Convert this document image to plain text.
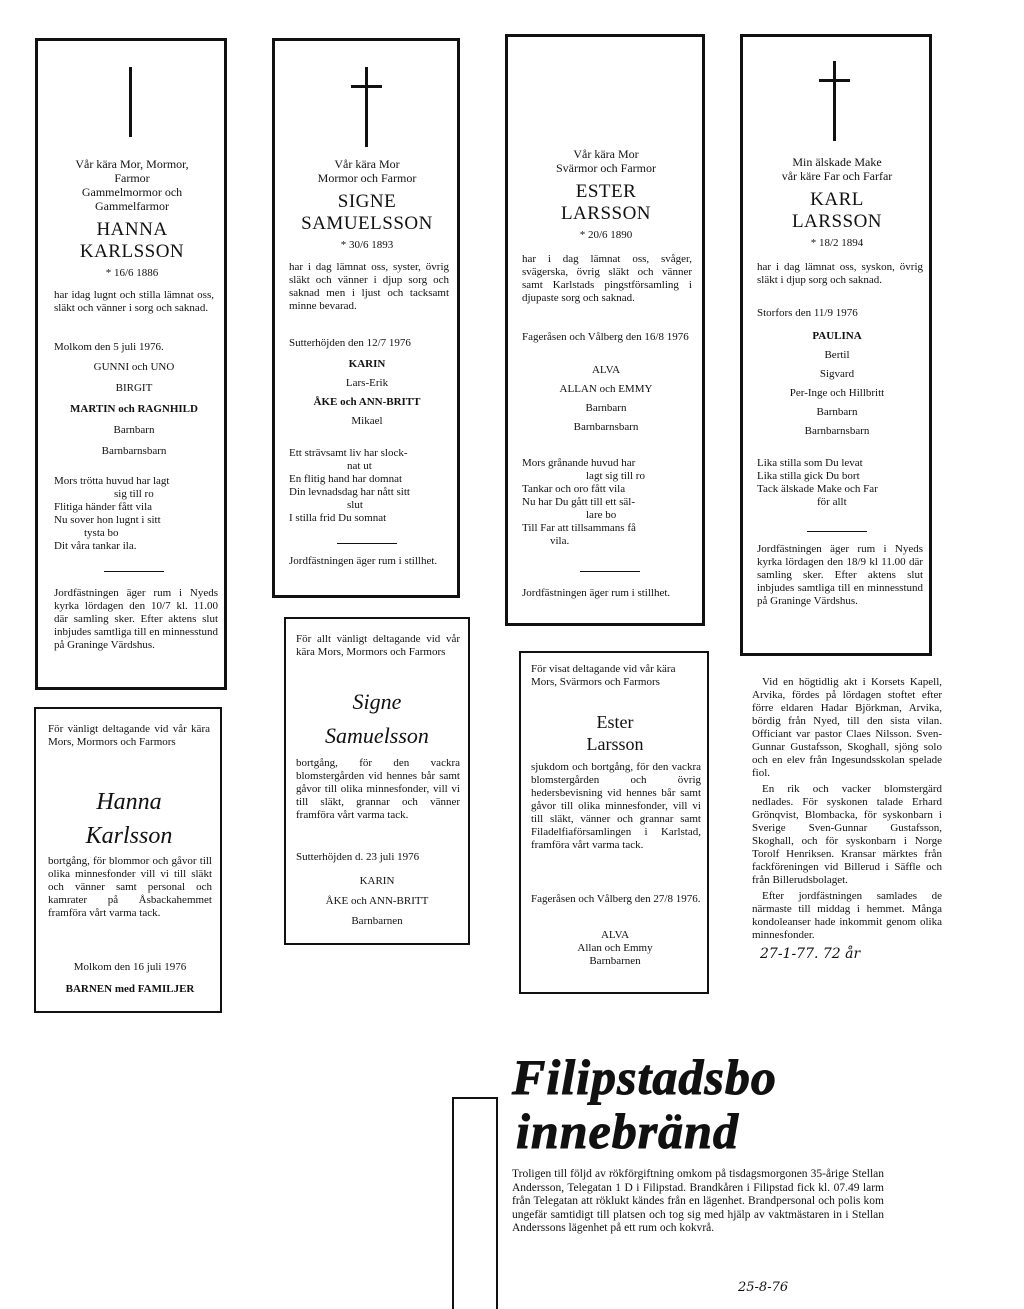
Vår kära Mor, Mormor,
Farmor
Gammelmormor och
Gammelfarmor
HANNA
KARLSSON
* 16/6 1886
har idag lugnt och stilla lämnat oss, släkt och vänner i sorg och saknad.
Molkom den 5 juli 1976.
GUNNI och UNO
BIRGIT
MARTIN och RAGNHILD
Barnbarn
Barnbarnsbarn
Mors trötta huvud har lagt
sig till ro
Flitiga händer fått vila
Nu sover hon lugnt i sitt
tysta bo
Dit våra tankar ila.
Jordfästningen äger rum i Nyeds kyrka lördagen den 10/7 kl. 11.00 där samling sker. Efter aktens slut inbjudes samtliga till en minnesstund på Graninge Värdshus.
För vänligt deltagande vid vår kära Mors, Mormors och Farmors
Hanna
Karlsson
bortgång, för blommor och gåvor till olika minnesfonder vill vi till släkt och vänner samt personal och kamrater på Åsbackahemmet framföra vårt varma tack.
Molkom den 16 juli 1976
BARNEN med FAMILJER
Vår kära Mor
Mormor och Farmor
SIGNE
SAMUELSSON
* 30/6 1893
har i dag lämnat oss, syster, övrig släkt och vänner i djup sorg och saknad men i ljust och tacksamt minne bevarad.
Sutterhöjden den 12/7 1976
KARIN
Lars-Erik
ÅKE och ANN-BRITT
Mikael
Ett strävsamt liv har slock-
nat ut
En flitig hand har domnat
Din levnadsdag har nått sitt
slut
I stilla frid Du somnat
Jordfästningen äger rum i stillhet.
För allt vänligt deltagande vid vår kära Mors, Mormors och Farmors
Signe
Samuelsson
bortgång, för den vackra blomstergården vid hennes bår samt gåvor till olika minnesfonder, vill vi till släkt, grannar och vänner framföra vårt varma tack.
Sutterhöjden d. 23 juli 1976
KARIN
ÅKE och ANN-BRITT
Barnbarnen
Vår kära Mor
Svärmor och Farmor
ESTER
LARSSON
* 20/6 1890
har i dag lämnat oss, svåger, svägerska, övrig släkt och vänner samt Karlstads pingstförsamling i djupaste sorg och saknad.
Fageråsen och Vålberg den 16/8 1976
ALVA
ALLAN och EMMY
Barnbarn
Barnbarnsbarn
Mors grånande huvud har
lagt sig till ro
Tankar och oro fått vila
Nu har Du gått till ett säl-
lare bo
Till Far att tillsammans få
vila.
Jordfästningen äger rum i stillhet.
För visat deltagande vid vår kära Mors, Svärmors och Farmors
Ester
Larsson
sjukdom och bortgång, för den vackra blomstergården och övrig hedersbevisning vid hennes bår samt gåvor till olika minnesfonder, vill vi till släkt, vänner och grannar samt Filadelfiaförsamlingen i Karlstad, framföra vårt varma tack.
Fageråsen och Vålberg den 27/8 1976.
ALVA
Allan och Emmy
Barnbarnen
Min älskade Make
vår käre Far och Farfar
KARL
LARSSON
* 18/2 1894
har i dag lämnat oss, syskon, övrig släkt i djup sorg och saknad.
Storfors den 11/9 1976
PAULINA
Bertil
Sigvard
Per-Inge och Hillbritt
Barnbarn
Barnbarnsbarn
Lika stilla som Du levat
Lika stilla gick Du bort
Tack älskade Make och Far
för allt
Jordfästningen äger rum i Nyeds kyrka lördagen den 18/9 kl 11.00 där samling sker. Efter aktens slut inbjudes samtliga till en minnesstund på Graninge Värdshus.

Vid en högtidlig akt i Korsets Kapell, Arvika, fördes på lördagen stoftet efter förre eldaren Hadar Björkman, Arvika, bördig från Nyed, till den sista vilan. Officiant var pastor Claes Nilsson. Sven-Gunnar Gustafsson, Skoghall, sjöng solo och en elev från Ingesundsskolan spelade fiol.

En rik och vacker blomstergärd nedlades. För syskonen talade Erhard Grönqvist, Blombacka, för syskonbarn i Sverige Sven-Gunnar Gustafsson, Skoghall, och för syskonbarn i Norge Torolf Henriksen. Kransar märktes från fackföreningen vid Billerud i Säffle och från Billerudsbolaget.

Efter jordfästningen samlades de närmaste till middag i hemmet. Många kondoleanser hade inkommit genom olika minnesfonder.

27-1-77. 72 år
Filipstadsbo
innebränd
Troligen till följd av rökförgiftning omkom på tisdagsmorgonen 35-årige Stellan Andersson, Telegatan 1 D i Filipstad. Brandkåren i Filipstad fick kl. 07.49 larm från Telegatan att röklukt kändes från en lägenhet. Brandpersonal och polis kom ungefär samtidigt till platsen och tog sig med hjälp av vaktmästaren in i Stellan Anderssons lägenhet på ett rum och kokvrå.
25-8-76
